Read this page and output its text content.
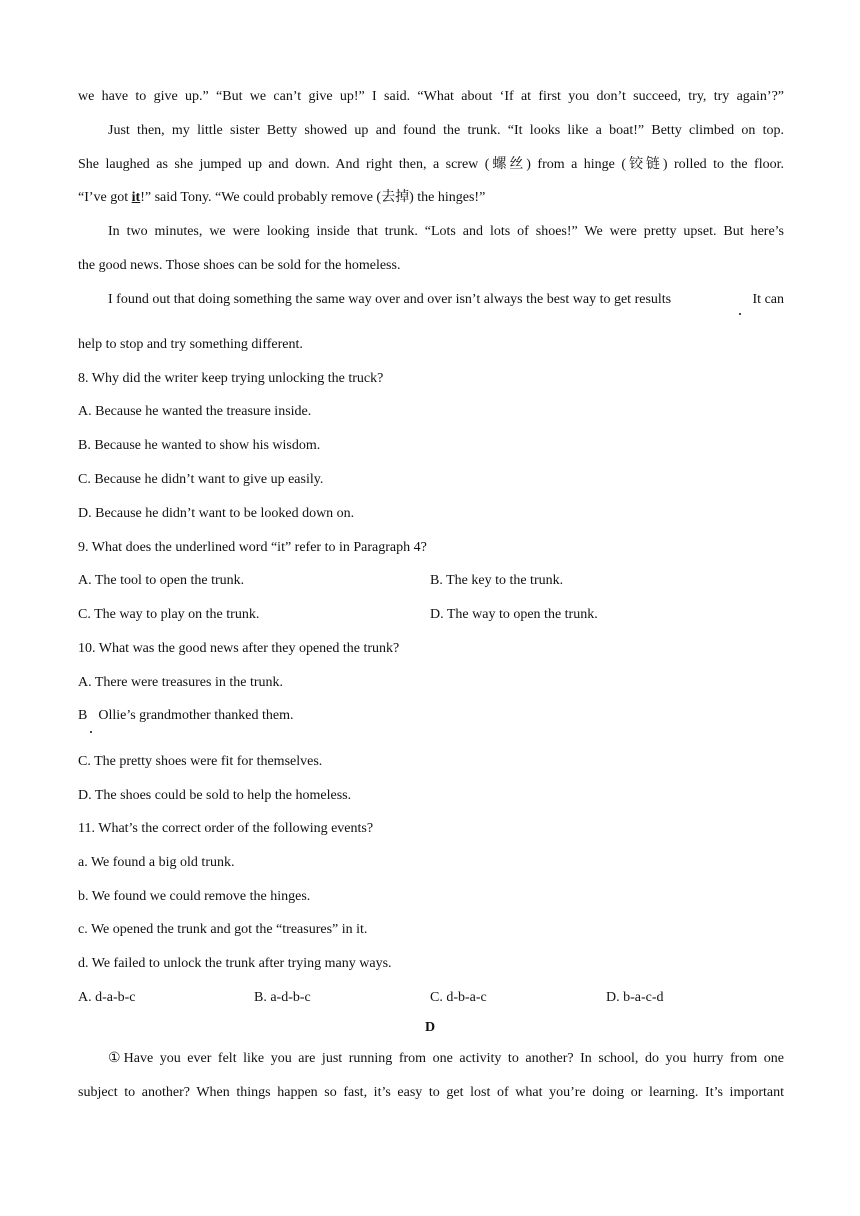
we have to give up.” “But we can’t give up!” I said. “What about ‘If at first you don’t succeed, try, try again’?”
Just then, my little sister Betty showed up and found the trunk. “It looks like a boat!” Betty climbed on top.
She laughed as she jumped up and down. And right then, a screw (螺丝) from a hinge (铰链) rolled to the floor.
“I’ve got it!” said Tony. “We could probably remove (去掉) the hinges!”
In two minutes, we were looking inside that trunk. “Lots and lots of shoes!” We were pretty upset. But here’s
the good news. Those shoes can be sold for the homeless.
I found out that doing something the same way over and over isn’t always the best way to get results	It can
help to stop and try something different.
8. Why did the writer keep trying unlocking the truck?
A. Because he wanted the treasure inside.
B. Because he wanted to show his wisdom.
C. Because he didn’t want to give up easily.
D. Because he didn’t want to be looked down on.
9. What does the underlined word “it” refer to in Paragraph 4?
A. The tool to open the trunk.	B. The key to the trunk.
C. The way to play on the trunk.	D. The way to open the trunk.
10. What was the good news after they opened the trunk?
A. There were treasures in the trunk.
B Ollie’s grandmother thanked them.
C. The pretty shoes were fit for themselves.
D. The shoes could be sold to help the homeless.
11. What’s the correct order of the following events?
a. We found a big old trunk.
b. We found we could remove the hinges.
c. We opened the trunk and got the “treasures” in it.
d. We failed to unlock the trunk after trying many ways.
A. d-a-b-c	B. a-d-b-c	C. d-b-a-c	D. b-a-c-d
D
①Have you ever felt like you are just running from one activity to another? In school, do you hurry from one
subject to another? When things happen so fast, it’s easy to get lost of what you’re doing or learning. It’s important
